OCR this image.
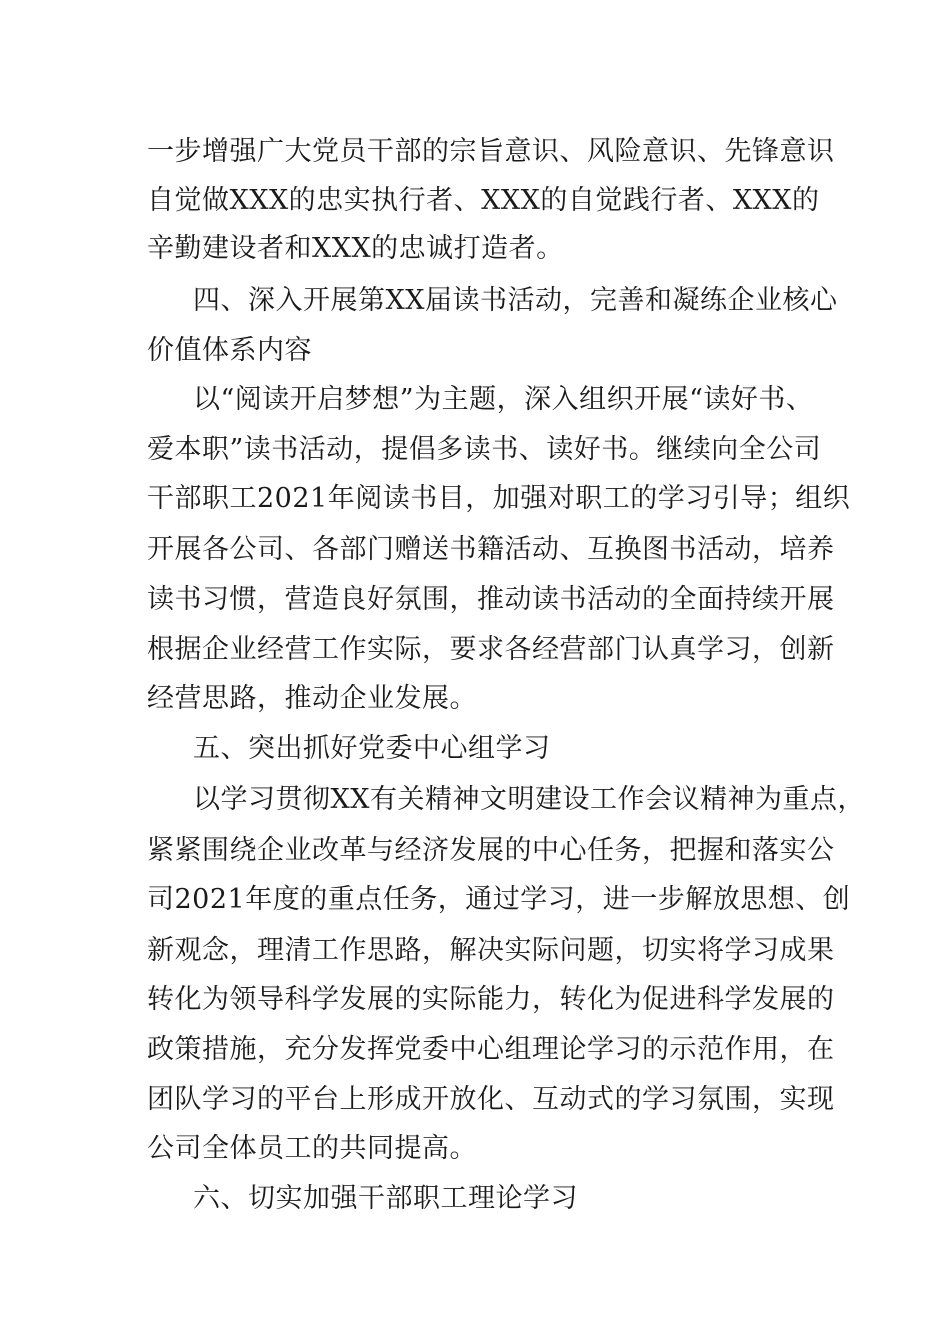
一步增强广大党员干部的宗旨意识、风险意识、先锋意识
自觉做XXX的忠实执行者、XXX的自觉践行者、XXX的
辛勤建设者和XXX的忠诚打造者。
四、深入开展第XX届读书活动，完善和凝练企业核心
价值体系内容
以“阅读开启梦想”为主题，深入组织开展“读好书、
爱本职”读书活动，提倡多读书、读好书。继续向全公司
干部职工2021年阅读书目，加强对职工的学习引导；组织
开展各公司、各部门赠送书籍活动、互换图书活动，培养
读书习惯，营造良好氛围，推动读书活动的全面持续开展
根据企业经营工作实际，要求各经营部门认真学习，创新
经营思路，推动企业发展。
五、突出抓好党委中心组学习
以学习贯彻XX有关精神文明建设工作会议精神为重点，
紧紧围绕企业改革与经济发展的中心任务，把握和落实公
司2021年度的重点任务，通过学习，进一步解放思想、创
新观念，理清工作思路，解决实际问题，切实将学习成果
转化为领导科学发展的实际能力，转化为促进科学发展的
政策措施，充分发挥党委中心组理论学习的示范作用，在
团队学习的平台上形成开放化、互动式的学习氛围，实现
公司全体员工的共同提高。
六、切实加强干部职工理论学习
